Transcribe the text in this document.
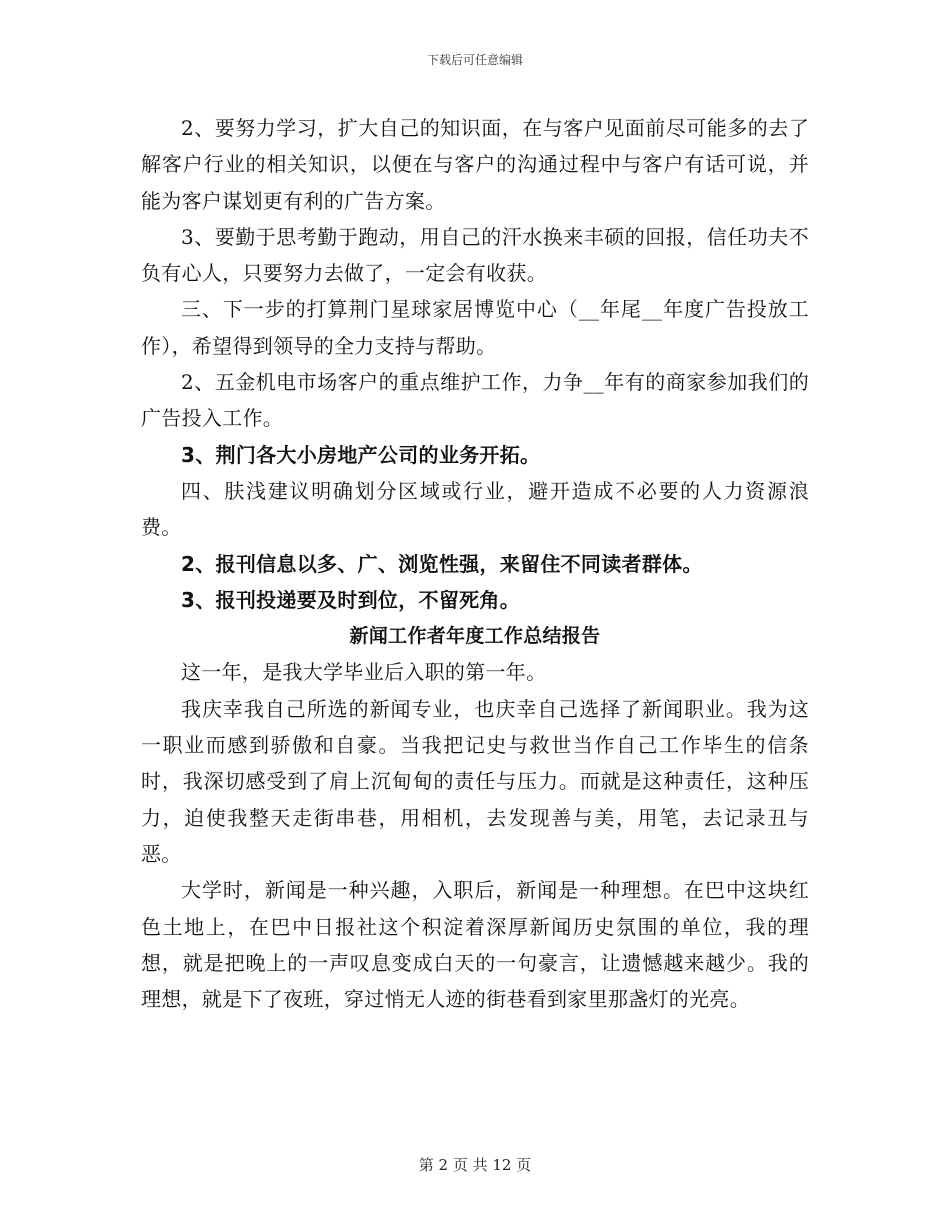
下载后可任意编辑

2、要努力学习，扩大自己的知识面，在与客户见面前尽可能多的去了解客户行业的相关知识，以便在与客户的沟通过程中与客户有话可说，并能为客户谋划更有利的广告方案。

3、要勤于思考勤于跑动，用自己的汗水换来丰硕的回报，信任功夫不负有心人，只要努力去做了，一定会有收获。

三、下一步的打算荆门星球家居博览中心（__年尾__年度广告投放工作），希望得到领导的全力支持与帮助。

2、五金机电市场客户的重点维护工作，力争__年有的商家参加我们的广告投入工作。

3、荆门各大小房地产公司的业务开拓。

四、肤浅建议明确划分区域或行业，避开造成不必要的人力资源浪费。

2、报刊信息以多、广、浏览性强，来留住不同读者群体。

3、报刊投递要及时到位，不留死角。

新闻工作者年度工作总结报告

这一年，是我大学毕业后入职的第一年。

我庆幸我自己所选的新闻专业，也庆幸自己选择了新闻职业。我为这一职业而感到骄傲和自豪。当我把记史与救世当作自己工作毕生的信条时，我深切感受到了肩上沉甸甸的责任与压力。而就是这种责任，这种压力，迫使我整天走街串巷，用相机，去发现善与美，用笔，去记录丑与恶。

大学时，新闻是一种兴趣，入职后，新闻是一种理想。在巴中这块红色土地上，在巴中日报社这个积淀着深厚新闻历史氛围的单位，我的理想，就是把晚上的一声叹息变成白天的一句豪言，让遗憾越来越少。我的理想，就是下了夜班，穿过悄无人迹的街巷看到家里那盏灯的光亮。

第 2 页 共 12 页
